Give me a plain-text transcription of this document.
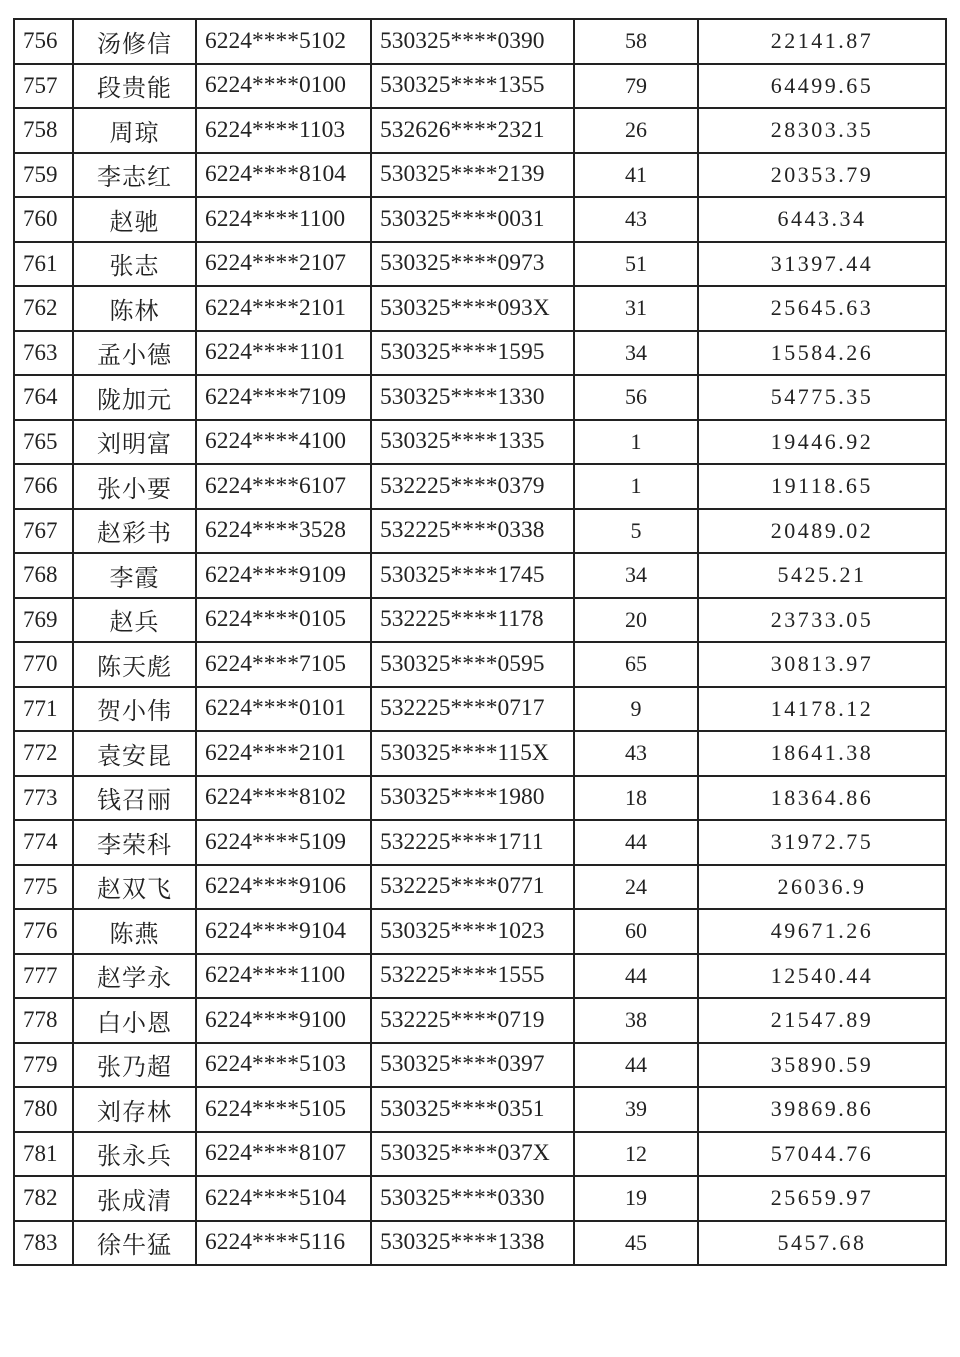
756	汤修信	6224****5102	530325****0390	58	22141.87
757	段贵能	6224****0100	530325****1355	79	64499.65
758	周琼	6224****1103	532626****2321	26	28303.35
759	李志红	6224****8104	530325****2139	41	20353.79
760	赵驰	6224****1100	530325****0031	43	6443.34
761	张志	6224****2107	530325****0973	51	31397.44
762	陈林	6224****2101	530325****093X	31	25645.63
763	孟小德	6224****1101	530325****1595	34	15584.26
764	陇加元	6224****7109	530325****1330	56	54775.35
765	刘明富	6224****4100	530325****1335	1	19446.92
766	张小要	6224****6107	532225****0379	1	19118.65
767	赵彩书	6224****3528	532225****0338	5	20489.02
768	李霞	6224****9109	530325****1745	34	5425.21
769	赵兵	6224****0105	532225****1178	20	23733.05
770	陈天彪	6224****7105	530325****0595	65	30813.97
771	贺小伟	6224****0101	532225****0717	9	14178.12
772	袁安昆	6224****2101	530325****115X	43	18641.38
773	钱召丽	6224****8102	530325****1980	18	18364.86
774	李荣科	6224****5109	532225****1711	44	31972.75
775	赵双飞	6224****9106	532225****0771	24	26036.9
776	陈燕	6224****9104	530325****1023	60	49671.26
777	赵学永	6224****1100	532225****1555	44	12540.44
778	白小恩	6224****9100	532225****0719	38	21547.89
779	张乃超	6224****5103	530325****0397	44	35890.59
780	刘存林	6224****5105	530325****0351	39	39869.86
781	张永兵	6224****8107	530325****037X	12	57044.76
782	张成清	6224****5104	530325****0330	19	25659.97
783	徐牛猛	6224****5116	530325****1338	45	5457.68
